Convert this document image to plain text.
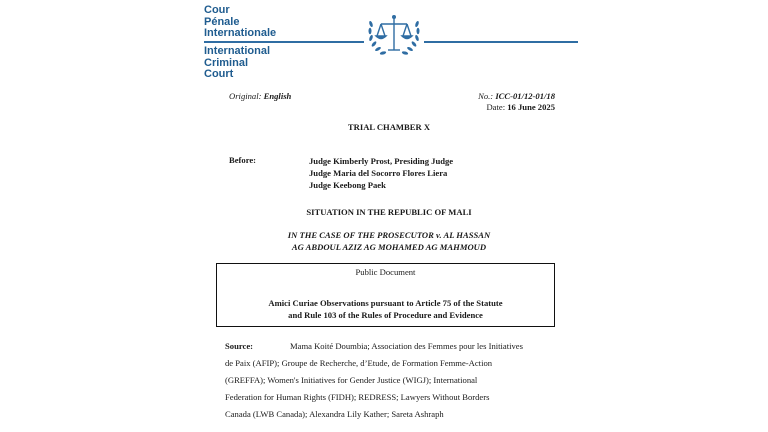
Cour
Pénale
Internationale
International
Criminal
Court
Original: English	No.: ICC-01/12-01/18
Date: 16 June 2025
TRIAL CHAMBER X
Before:	Judge Kimberly Prost, Presiding Judge
Judge Maria del Socorro Flores Liera
Judge Keebong Paek
SITUATION IN THE REPUBLIC OF MALI
IN THE CASE OF THE PROSECUTOR v. AL HASSAN
AG ABDOUL AZIZ AG MOHAMED AG MAHMOUD
Public Document
Amici Curiae Observations pursuant to Article 75 of the Statute
and Rule 103 of the Rules of Procedure and Evidence
Source:	Mama Koité Doumbia; Association des Femmes pour les Initiatives
de Paix (AFIP); Groupe de Recherche, d’Etude, de Formation Femme-Action
(GREFFA); Women's Initiatives for Gender Justice (WIGJ); International
Federation for Human Rights (FIDH); REDRESS; Lawyers Without Borders
Canada (LWB Canada); Alexandra Lily Kather; Sareta Ashraph
